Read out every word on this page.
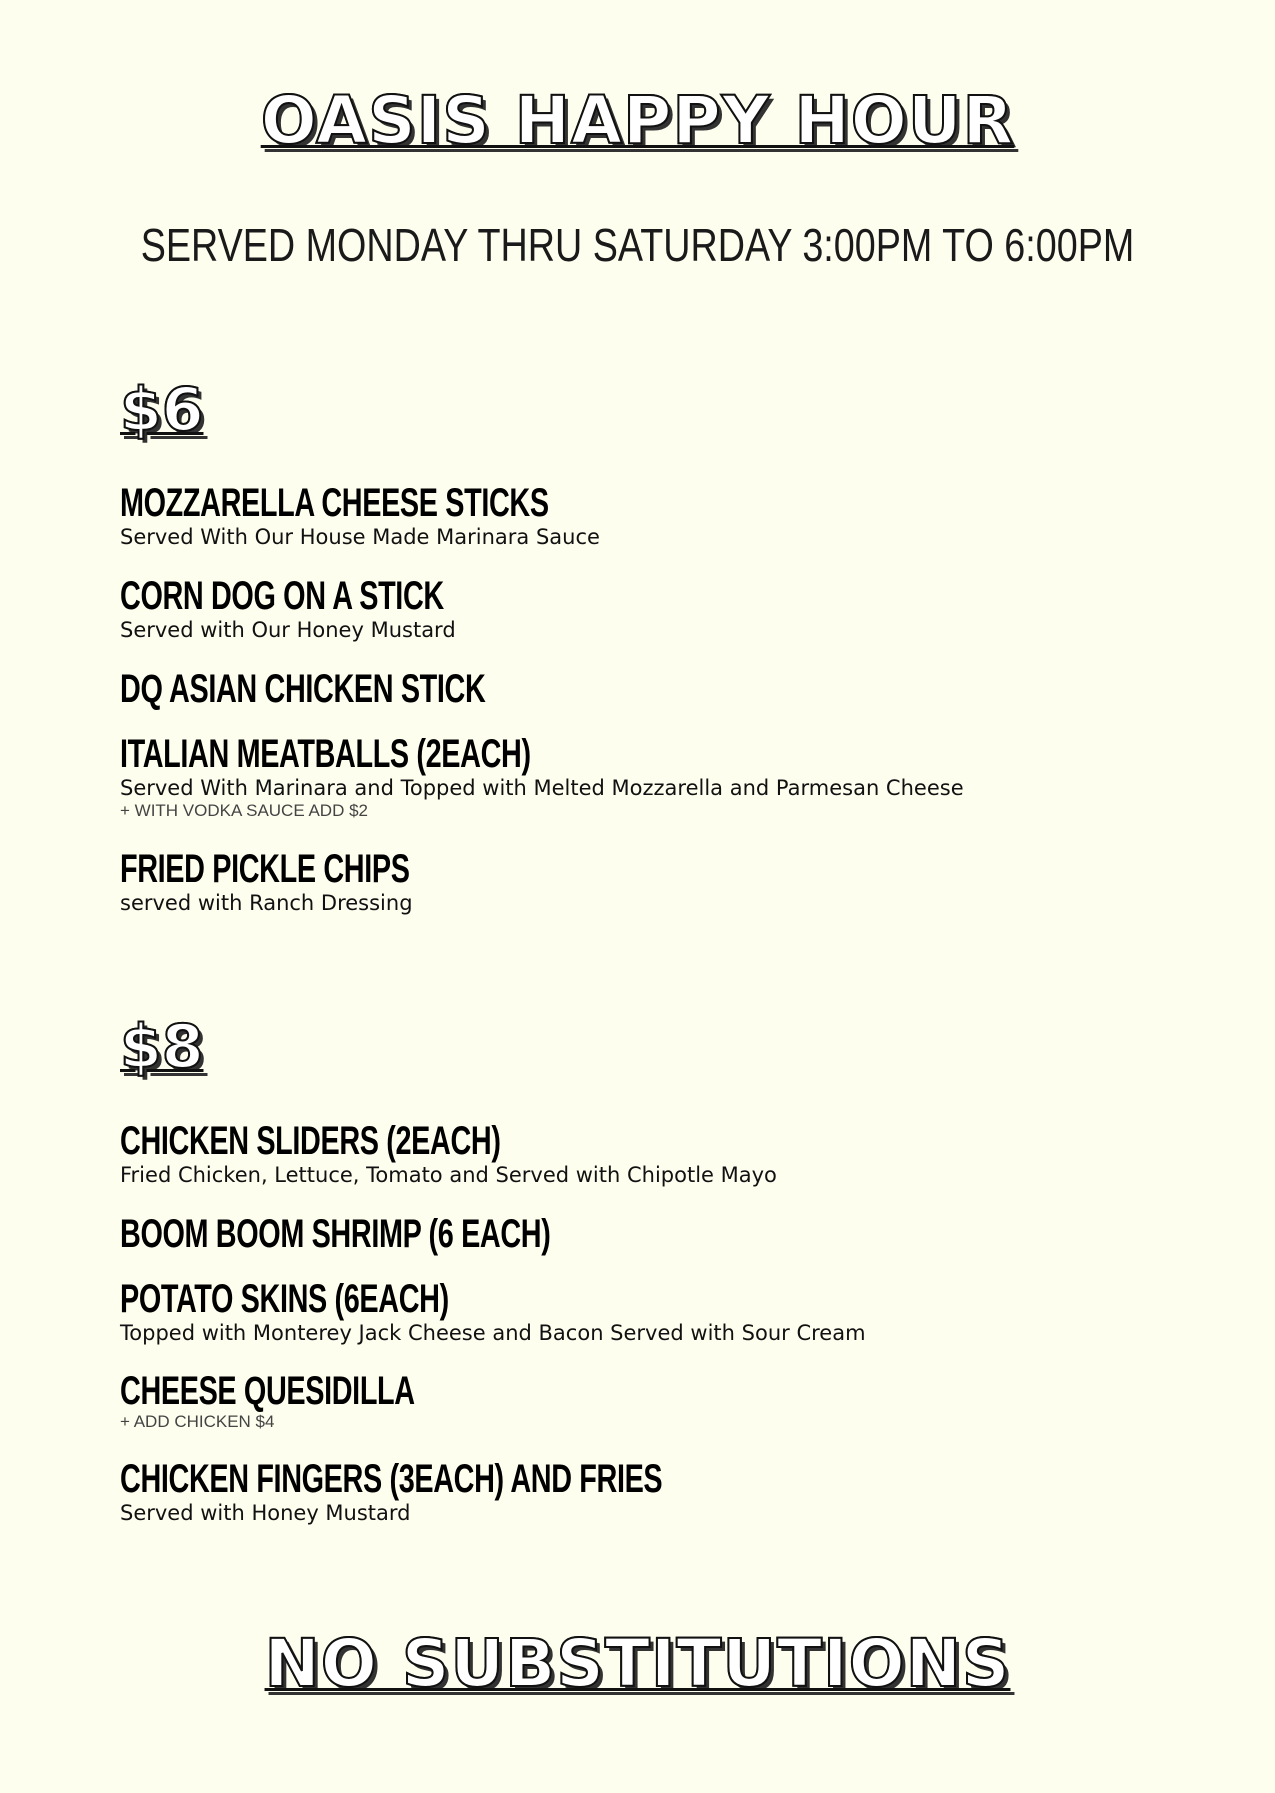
OASIS HAPPY HOUR
SERVED MONDAY THRU SATURDAY 3:00PM TO 6:00PM
$6
MOZZARELLA CHEESE STICKS
Served With Our House Made Marinara Sauce
CORN DOG ON A STICK
Served with Our Honey Mustard
DQ ASIAN CHICKEN STICK
ITALIAN MEATBALLS (2EACH)
Served With Marinara and Topped with Melted Mozzarella and Parmesan Cheese
+ WITH VODKA SAUCE ADD $2
FRIED PICKLE CHIPS
served with Ranch Dressing
$8
CHICKEN SLIDERS (2EACH)
Fried Chicken, Lettuce, Tomato and Served with Chipotle Mayo
BOOM BOOM SHRIMP (6 EACH)
POTATO SKINS (6EACH)
Topped with Monterey Jack Cheese and Bacon Served with Sour Cream
CHEESE QUESIDILLA
+ ADD CHICKEN $4
CHICKEN FINGERS (3EACH) AND FRIES
Served with Honey Mustard
NO SUBSTITUTIONS
